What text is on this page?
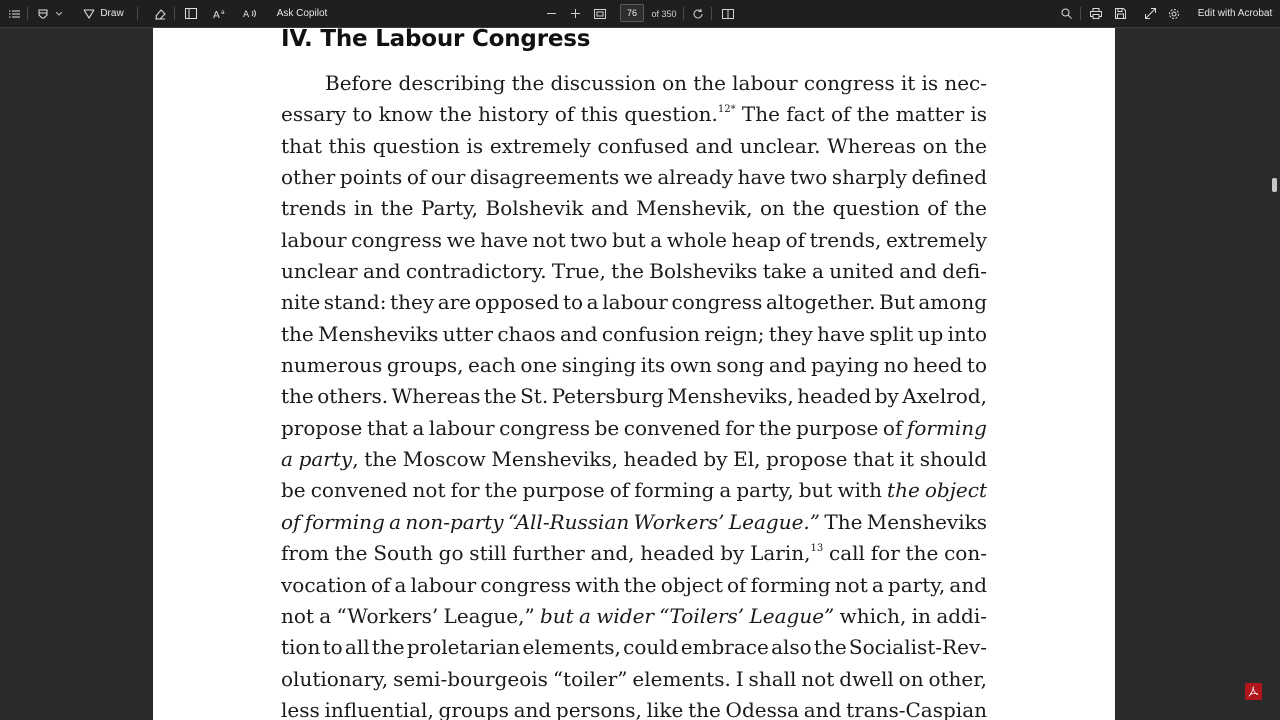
Draw	A a A	Ask Copilot
76	of 350	Edit with Acrobat
IV. The Labour Congress
Before describing the discussion on the labour congress it is nec-
essary to know the history of this question.$^{12*}$ The fact of the matter is
that this question is extremely confused and unclear. Whereas on the
other points of our disagreements we already have two sharply defined
trends in the Party, Bolshevik and Menshevik, on the question of the
labour congress we have not two but a whole heap of trends, extremely
unclear and contradictory. True, the Bolsheviks take a united and defi-
nite stand: they are opposed to a labour congress altogether. But among
the Mensheviks utter chaos and confusion reign; they have split up into
numerous groups, each one singing its own song and paying no heed to
the others. Whereas the St. Petersburg Mensheviks, headed by Axelrod,
propose that a labour congress be convened for the purpose of forming
a party, the Moscow Mensheviks, headed by El, propose that it should
be convened not for the purpose of forming a party, but with the object
of forming a non-party “All-Russian Workers’ League.” The Mensheviks
from the South go still further and, headed by Larin,$^{13}$ call for the con-
vocation of a labour congress with the object of forming not a party, and
not a “Workers’ League,” but a wider “Toilers’ League” which, in addi-
tion to all the proletarian elements, could embrace also the Socialist-Rev-
olutionary, semi-bourgeois “toiler” elements. I shall not dwell on other,
less influential, groups and persons, like the Odessa and trans-Caspian
